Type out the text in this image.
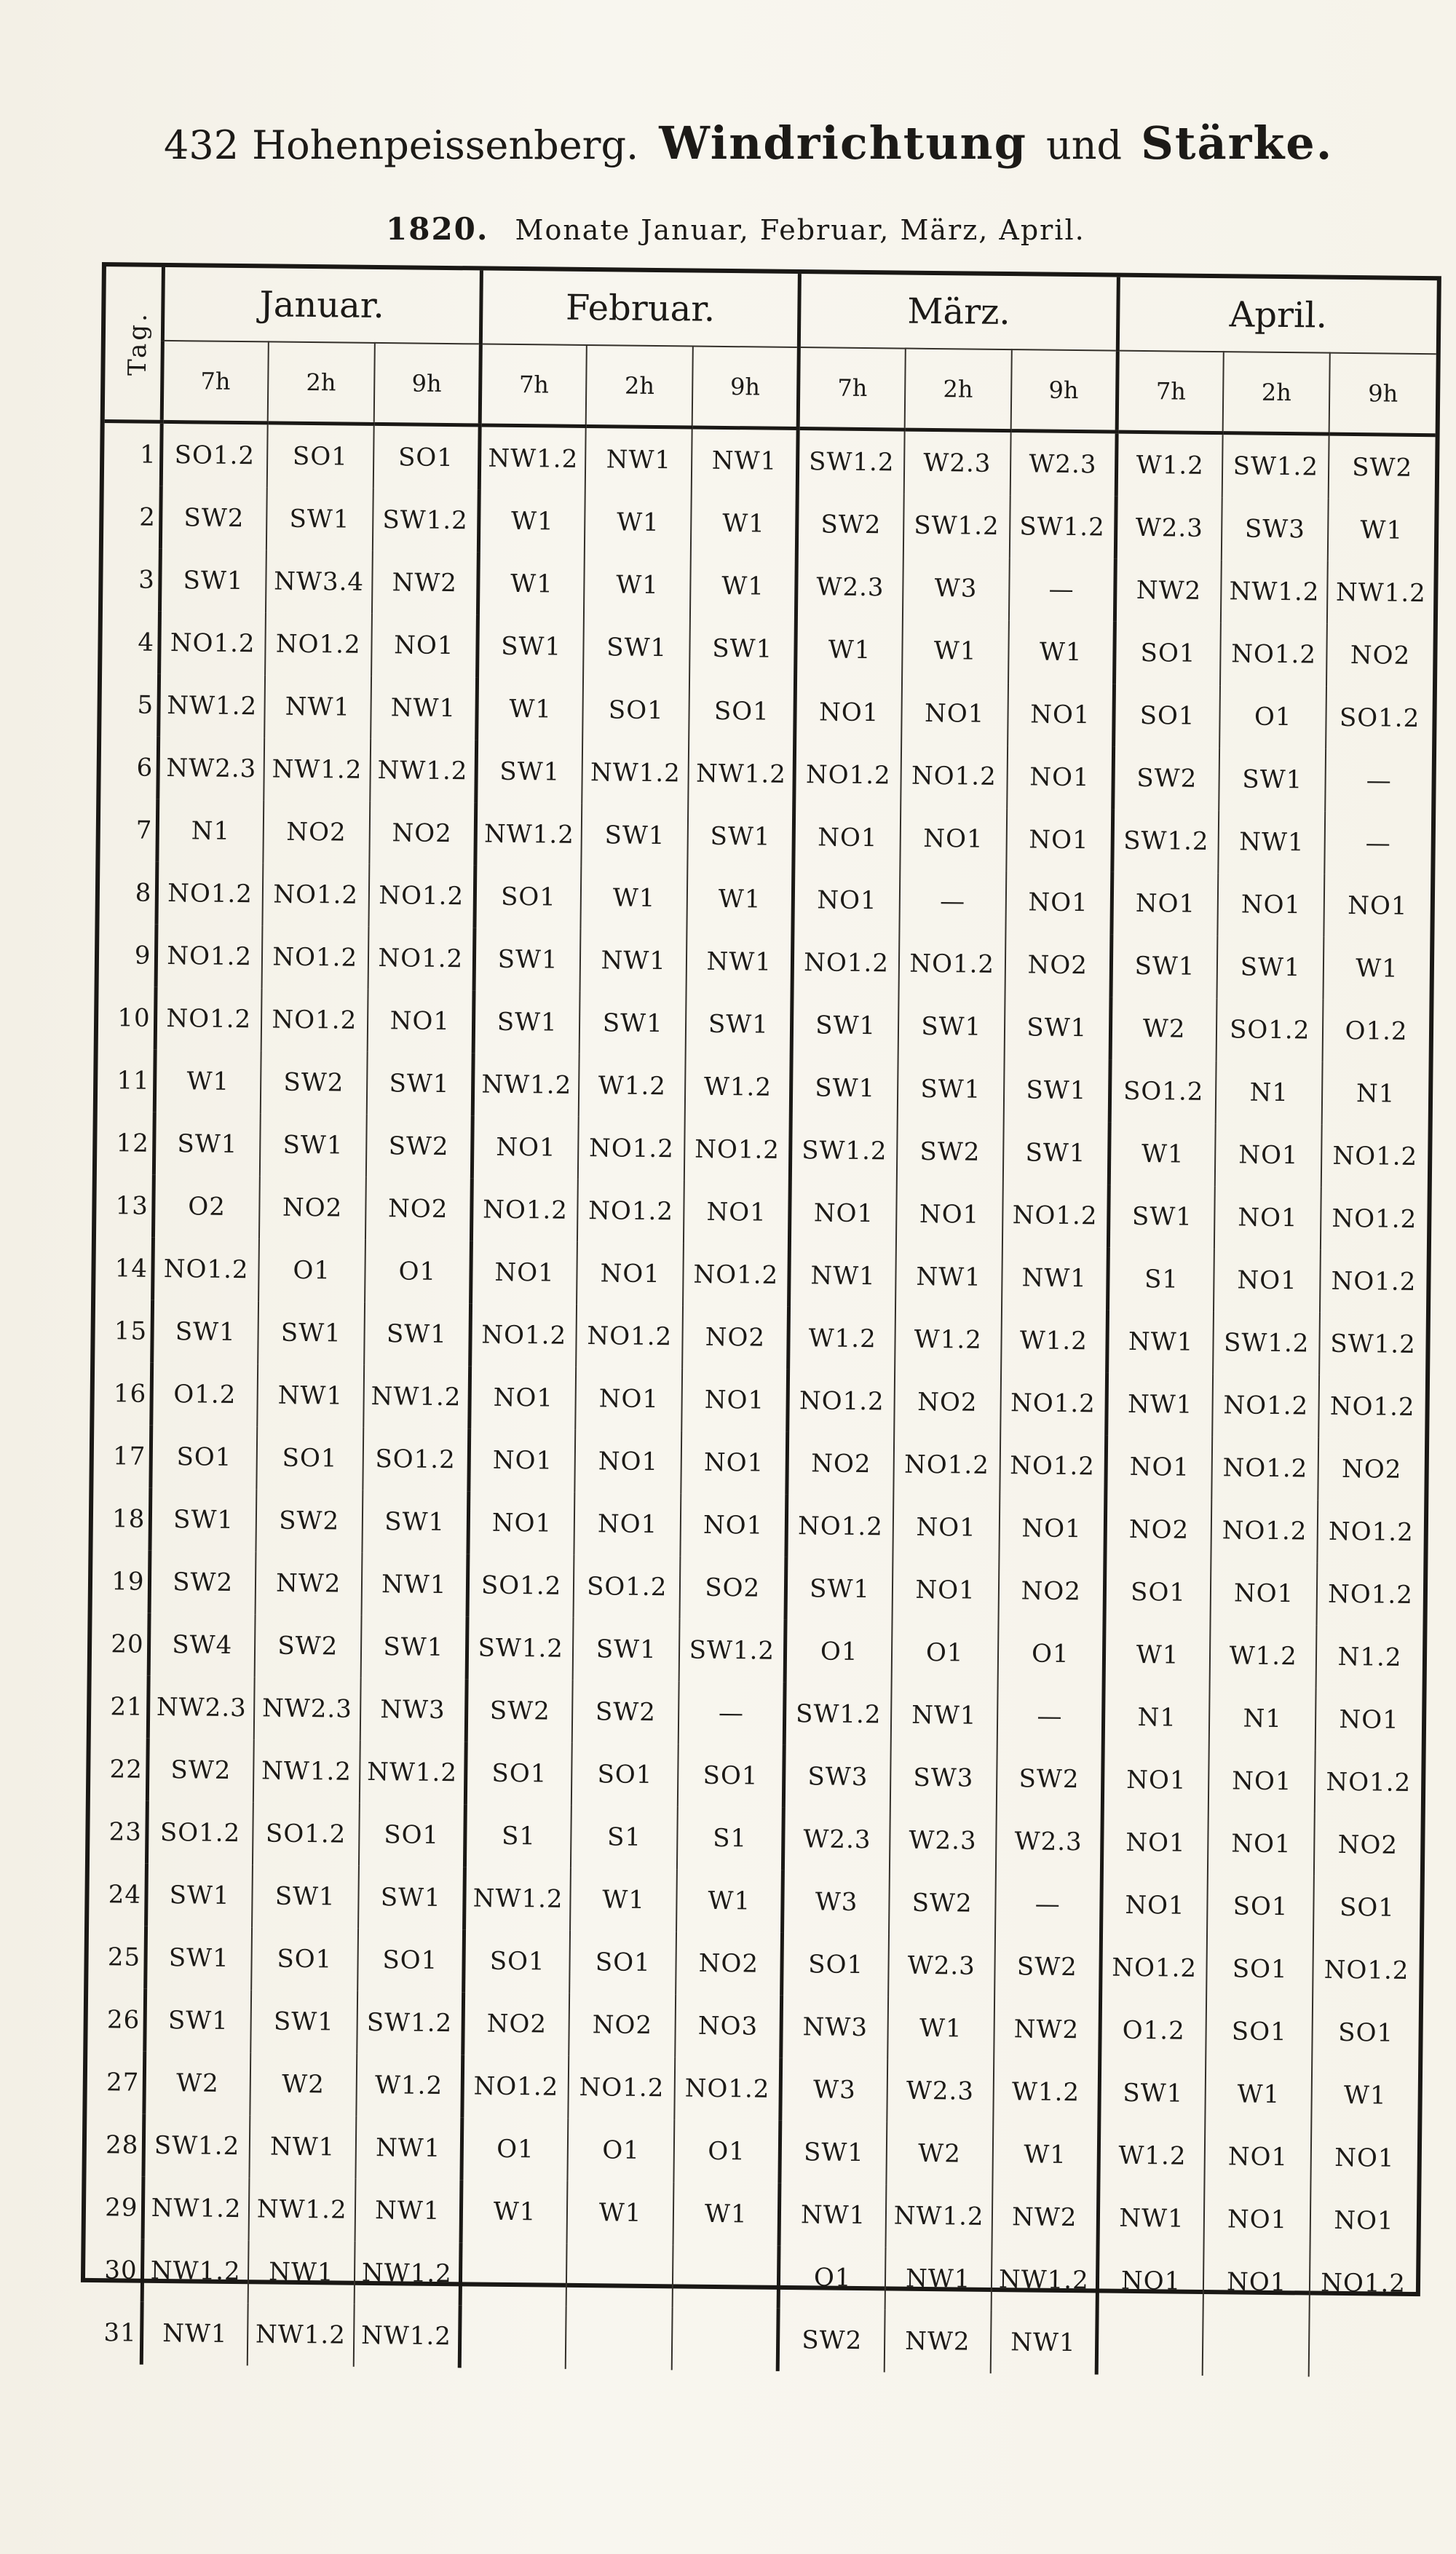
432 Hohenpeissenberg. Windrichtung und Stärke.
1820. Monate Januar, Februar, März, April.
Tag.	Januar.			Februar.			März.			April.		
	7h	2h	9h	7h	2h	9h	7h	2h	9h	7h	2h	9h
1	SO1.2	SO1	SO1	NW1.2	NW1	NW1	SW1.2	W2.3	W2.3	W1.2	SW1.2	SW2
2	SW2	SW1	SW1.2	W1	W1	W1	SW2	SW1.2	SW1.2	W2.3	SW3	W1
3	SW1	NW3.4	NW2	W1	W1	W1	W2.3	W3	—	NW2	NW1.2	NW1.2
4	NO1.2	NO1.2	NO1	SW1	SW1	SW1	W1	W1	W1	SO1	NO1.2	NO2
5	NW1.2	NW1	NW1	W1	SO1	SO1	NO1	NO1	NO1	SO1	O1	SO1.2
6	NW2.3	NW1.2	NW1.2	SW1	NW1.2	NW1.2	NO1.2	NO1.2	NO1	SW2	SW1	—
7	N1	NO2	NO2	NW1.2	SW1	SW1	NO1	NO1	NO1	SW1.2	NW1	—
8	NO1.2	NO1.2	NO1.2	SO1	W1	W1	NO1	—	NO1	NO1	NO1	NO1
9	NO1.2	NO1.2	NO1.2	SW1	NW1	NW1	NO1.2	NO1.2	NO2	SW1	SW1	W1
10	NO1.2	NO1.2	NO1	SW1	SW1	SW1	SW1	SW1	SW1	W2	SO1.2	O1.2
11	W1	SW2	SW1	NW1.2	W1.2	W1.2	SW1	SW1	SW1	SO1.2	N1	N1
12	SW1	SW1	SW2	NO1	NO1.2	NO1.2	SW1.2	SW2	SW1	W1	NO1	NO1.2
13	O2	NO2	NO2	NO1.2	NO1.2	NO1	NO1	NO1	NO1.2	SW1	NO1	NO1.2
14	NO1.2	O1	O1	NO1	NO1	NO1.2	NW1	NW1	NW1	S1	NO1	NO1.2
15	SW1	SW1	SW1	NO1.2	NO1.2	NO2	W1.2	W1.2	W1.2	NW1	SW1.2	SW1.2
16	O1.2	NW1	NW1.2	NO1	NO1	NO1	NO1.2	NO2	NO1.2	NW1	NO1.2	NO1.2
17	SO1	SO1	SO1.2	NO1	NO1	NO1	NO2	NO1.2	NO1.2	NO1	NO1.2	NO2
18	SW1	SW2	SW1	NO1	NO1	NO1	NO1.2	NO1	NO1	NO2	NO1.2	NO1.2
19	SW2	NW2	NW1	SO1.2	SO1.2	SO2	SW1	NO1	NO2	SO1	NO1	NO1.2
20	SW4	SW2	SW1	SW1.2	SW1	SW1.2	O1	O1	O1	W1	W1.2	N1.2
21	NW2.3	NW2.3	NW3	SW2	SW2	—	SW1.2	NW1	—	N1	N1	NO1
22	SW2	NW1.2	NW1.2	SO1	SO1	SO1	SW3	SW3	SW2	NO1	NO1	NO1.2
23	SO1.2	SO1.2	SO1	S1	S1	S1	W2.3	W2.3	W2.3	NO1	NO1	NO2
24	SW1	SW1	SW1	NW1.2	W1	W1	W3	SW2	—	NO1	SO1	SO1
25	SW1	SO1	SO1	SO1	SO1	NO2	SO1	W2.3	SW2	NO1.2	SO1	NO1.2
26	SW1	SW1	SW1.2	NO2	NO2	NO3	NW3	W1	NW2	O1.2	SO1	SO1
27	W2	W2	W1.2	NO1.2	NO1.2	NO1.2	W3	W2.3	W1.2	SW1	W1	W1
28	SW1.2	NW1	NW1	O1	O1	O1	SW1	W2	W1	W1.2	NO1	NO1
29	NW1.2	NW1.2	NW1	W1	W1	W1	NW1	NW1.2	NW2	NW1	NO1	NO1
30	NW1.2	NW1	NW1.2				O1	NW1	NW1.2	NO1	NO1	NO1.2
31	NW1	NW1.2	NW1.2				SW2	NW2	NW1			
